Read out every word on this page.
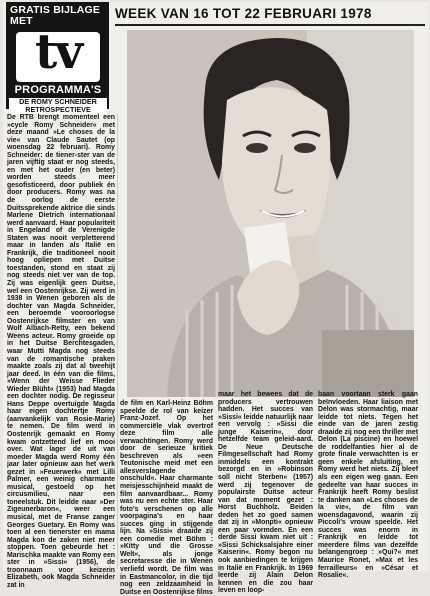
GRATIS BIJLAGE MET
tv
PROGRAMMA'S
DE ROMY SCHNEIDER RETROSPECTIEVE
WEEK VAN 16 TOT 22 FEBRUARI 1978

De RTB brengt momenteel een »cycle Romy Schneider« met deze maand »Le choses de la vie« van Claude Sautet (op woensdag 22 februari). Romy Schneider: de tiener-ster van de jaren vijftig staat er nog steeds, en met het ouder (en beter) worden steeds meer gesofisticeerd, door publiek én door producers. Romy was na de oorlog de eerste Duitssprekende aktrice die sinds Marlene Dietrich internationaal werd aanvaard. Haar populariteit in Engeland of de Verenigde Staten was nooit verpletterend maar in landen als Italië en Frankrijk, die traditioneel nooit hoog opliepen met Duitse toestanden, stond en staat zij nog steeds niet ver van de top. Zij was eigenlijk geen Duitse, wel een Oostenrijkse. Zij werd in 1938 in Wenen geboren als de dochter van Magda Schneider, een beroemde vooroorlogse Oostenrijkse filmster en van Wolf Albach-Retty, een bekend Weens acteur. Romy groeide op in het Duitse Berchtesgaden, waar Mutti Magda nog steeds van de romantische praken maakte zoals zij dat al tweehijt jaar deed. In één van die films, »Wenn der Weisse Flieder Wieder Blüht« (1953) had Magda een dochter nodig. De regisseur Hans Deppe overtuigde Magda haar eigen dochtertje Romy (aanvankelijk van Rosie-Marie) te nemen. De film werd in Oostenrijk gemaakt en Romy kwam ontzettend lief en mooi over. Wat lager de uit van moeder Magda werd Romy één jaar later opnieuw aan het werk gezet in »Feuerwerk« met Lilli Palmer, een weinig charmante musical, gestoeld op het circusmilieu, naar een toneelstuk. Dit leidde naar »Der Zigeunerbaron«, weer een musical, met de Franse zanger Georges Guetary. En Romy was toen al een tienerster en mama Magda kon de zaken niet meer stoppen. Toen gebeurde het : Marischka maakte van Romy een ster in »Sissi« (1956), de troonnaam voor keizerin Elizabeth, ook Magda Schneider zat in

de film en Karl-Heinz Böhm speelde de rol van keizer Franz-Jozef. Op het commerciële vlak overtrof deze film alle verwachtingen. Romy werd door de serieuze kritiek beschreven als »een Teutonische meid met een allesverslagende onschuld«. Haar charmante meisjesschijnheid maakt de film aanvaardbaar... Romy was nu een echte ster. Haar foto's verschenen op alle voorpagina's en haar succes ging in stijgende lijn. Na »Sissi« draaide zij een comedie met Böhm : »Kitty und die Grosse Welt«, als jonge secretaresse die in Wenen verliefd wordt. De film was in Eastmancolor, in die tijd nog een zeldzaamheid in Duitse en Oostenrijkse films

maar het bewees dat de producers vertrouwen hadden. Het succes van »Sissi« leidde natuurlijk naar een vervolg : »Sissi die junge Kaiserin«, door hetzelfde team geleid-aard. De Neue Deutsche Filmgesellschaft had Romy inmiddels een kontrakt bezorgd en in »Robinson soll nicht Sterben« (1957) werd zij tegenover de populairste Duitse acteur van dat moment gezet : Horst Buchholz. Beiden deden het zo goed samen dat zij in »Monpti« opnieuw een paar vormden. En een derde Sissi kwam niet uit : »Sissi Schicksalsjahre einer Kaiserin«. Romy begon nu ook aanbiedingen te krijgen in Italië en Frankrijk. In 1969 leerde zij Alain Delon kennen en die zou haar leven en loop-

baan voortaan sterk gaan beïnvloeden. Haar liaison met Delon was stormachtig, maar leidde tot niets. Tegen het einde van de jaren zestig draaide zij nog een thriller met Delon (La piscine) en hoewel de roddelfanties hier al de grote finale verwachtten is er geen enkele afsluiting, en Romy werd het niets. Zij bleef als een eigen weg gaan. Een gedeelte van haar succes in Frankrijk heeft Romy beslist te danken aan »Les choses de la vie«, de film van woensdagavond, waarin zij Piccoli's vrouw speelde. Het succes was enorm in Frankrijk en leidde tot meerdere films van dezelfde belangengroep : »Qui?« met Maurice Ronet, »Max et les ferrailleurs« en »César et Rosalie«.
